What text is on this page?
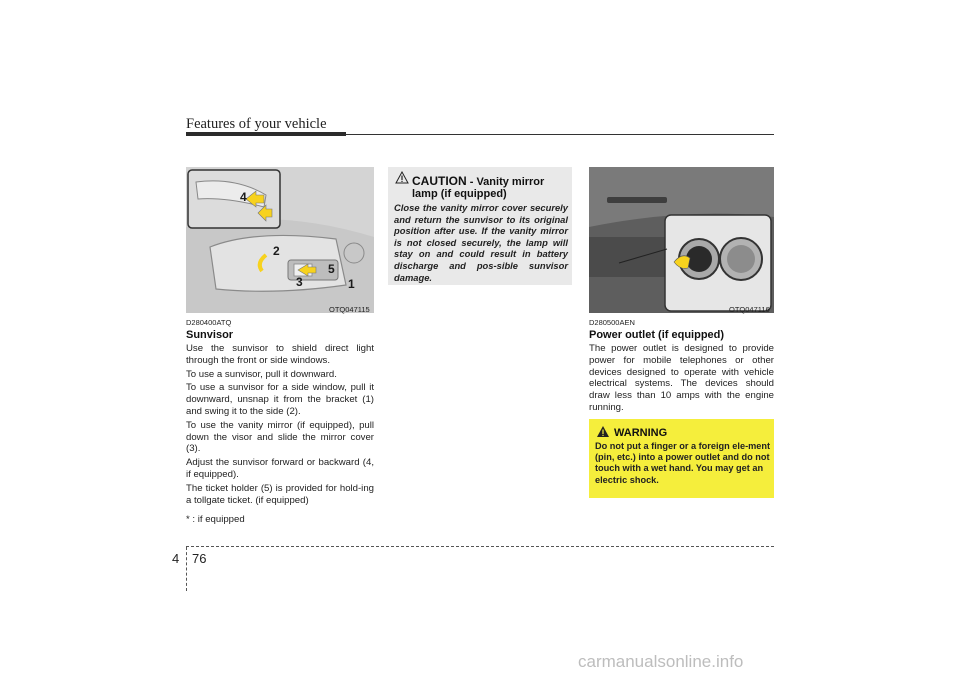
Features of your vehicle
4
2
3
5
1
OTQ047115
D280400ATQ
Sunvisor

Use the sunvisor to shield direct light through the front or side windows.

To use a sunvisor, pull it downward.

To use a sunvisor for a side window, pull it downward, unsnap it from the bracket (1) and swing it to the side (2).

To use the vanity mirror (if equipped), pull down the visor and slide the mirror cover (3).

Adjust the sunvisor forward or backward (4, if equipped).

The ticket holder (5) is provided for hold-ing a tollgate ticket. (if equipped)

* : if equipped

CAUTION - Vanity mirror
lamp (if equipped)
Close the vanity mirror cover securely and return the sunvisor to its original position after use. If the vanity mirror is not closed securely, the lamp will stay on and could result in battery discharge and pos-sible sunvisor damage.
OTQ047116
D280500AEN
Power outlet (if equipped)
The power outlet is designed to provide power for mobile telephones or other devices designed to operate with vehicle electrical systems. The devices should draw less than 10 amps with the engine running.
WARNING
Do not put a finger or a foreign ele-ment (pin, etc.) into a power outlet and do not touch with a wet hand. You may get an electric shock.
4 76
carmanualsonline.info
